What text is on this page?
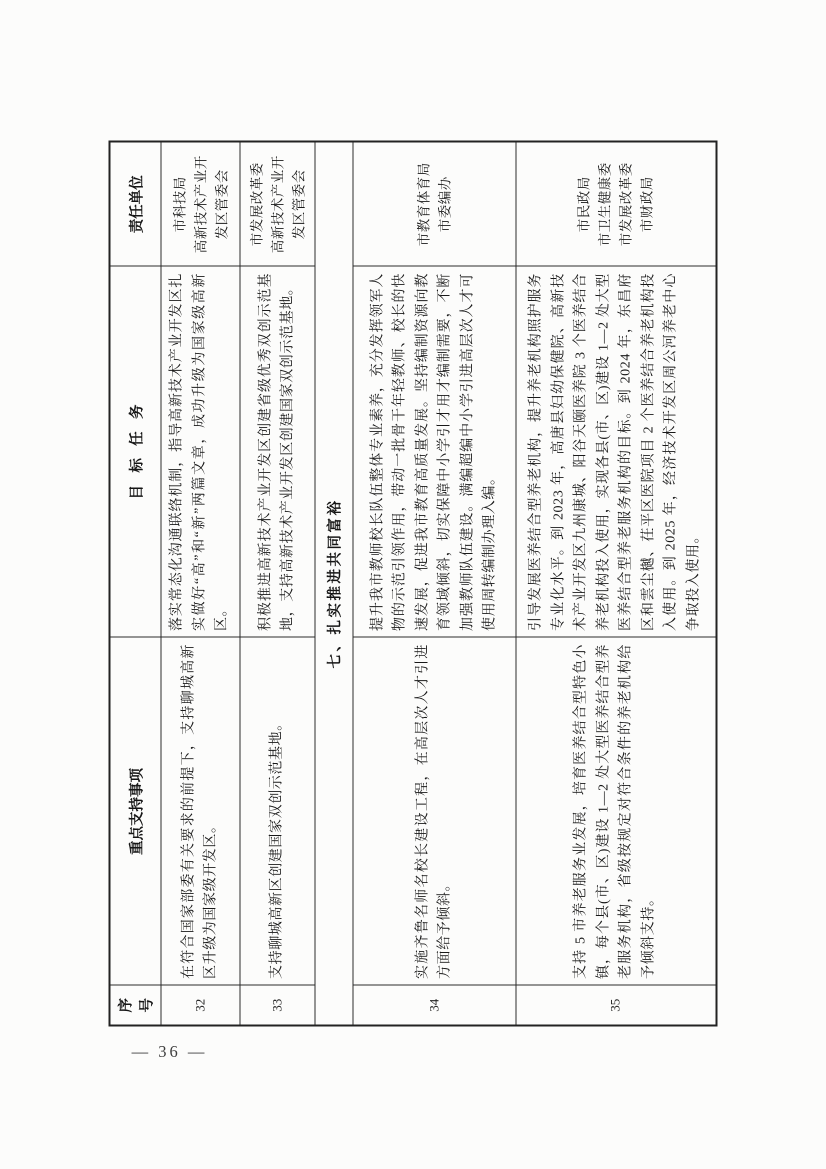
序号	重点支持事项	目标任务	责任单位
32	在符合国家部委有关要求的前提下，支持聊城高新区升级为国家级开发区。	落实常态化沟通联络机制，指导高新技术产业开发区扎实做好“高”和“新”两篇文章，成功升级为国家级高新区。	市科技局 高新技术产业开发区管委会

33	支持聊城高新区创建国家双创示范基地。	积极推进高新技术产业开发区创建省级优秀双创示范基地，支持高新技术产业开发区创建国家双创示范基地。	市发展改革委 高新技术产业开发区管委会

七、扎实推进共同富裕			
34	实施齐鲁名师名校长建设工程，在高层次人才引进方面给予倾斜。	提升我市教师校长队伍整体专业素养，充分发挥领军人物的示范引领作用，带动一批骨干年轻教师、校长的快速发展，促进我市教育高质量发展。坚持编制资源向教育领域倾斜，切实保障中小学引才用才编制需要，不断加强教师队伍建设。满编超编中小学引进高层次人才可使用周转编制办理入编。	市教育体育局 市委编办

35	支持 5 市养老服务业发展，培育医养结合型特色小镇，每个县(市、区)建设 1—2 处大型医养结合型养老服务机构，省级按规定对符合条件的养老机构给予倾斜支持。	引导发展医养结合型养老机构，提升养老机构照护服务专业化水平。到 2023 年，高唐县妇幼保健院、高新技术产业开发区九州康城、阳谷天颐医养院 3 个医养结合养老机构投入使用，实现各县(市、区)建设 1—2 处大型医养结合型养老服务机构的目标。到 2024 年，东昌府区和雲尘樾、茌平区医院项目 2 个医养结合养老机构投入使用。到 2025 年，经济技术开发区周公河养老中心争取投入使用。	市民政局 市卫生健康委 市发展改革委 市财政局
— 36 —
